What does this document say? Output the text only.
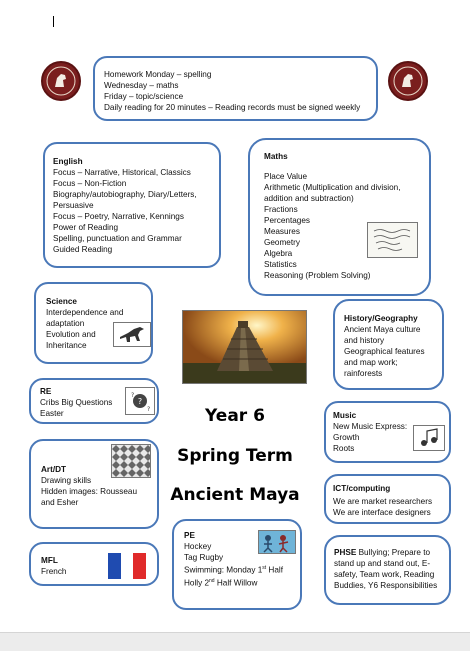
Homework Monday – spelling
Wednesday – maths
Friday – topic/science
Daily reading for 20 minutes – Reading records must be signed weekly
English
Focus – Narrative, Historical, Classics
Focus – Non-Fiction
Biography/autobiography, Diary/Letters,
Persuasive
Focus – Poetry, Narrative, Kennings
Power of Reading
Spelling, punctuation and Grammar
Guided Reading
Maths
Place Value
Arithmetic (Multiplication and division,
addition and subtraction)
Fractions
Percentages
Measures
Geometry
Algebra
Statistics
Reasoning (Problem Solving)
Science
Interdependence and
adaptation
Evolution and
Inheritance
History/Geography
Ancient Maya culture
and history
Geographical features
and map work;
rainforests
RE
Cribs Big Questions
Easter
?
?
?	Year 6
Spring Term
Ancient Maya
Music
New Music Express:
Growth
Roots
Art/DT
Drawing skills
Hidden images: Rousseau
and Esher
ICT/computing
We are market researchers
We are interface designers
PE
Hockey
Tag Rugby
Swimming: Monday 1st Half
Holly 2nd Half Willow
MFL
French
PHSE Bullying; Prepare to stand up and stand out, E-safety, Team work, Reading Buddies, Y6 Responsibilities
